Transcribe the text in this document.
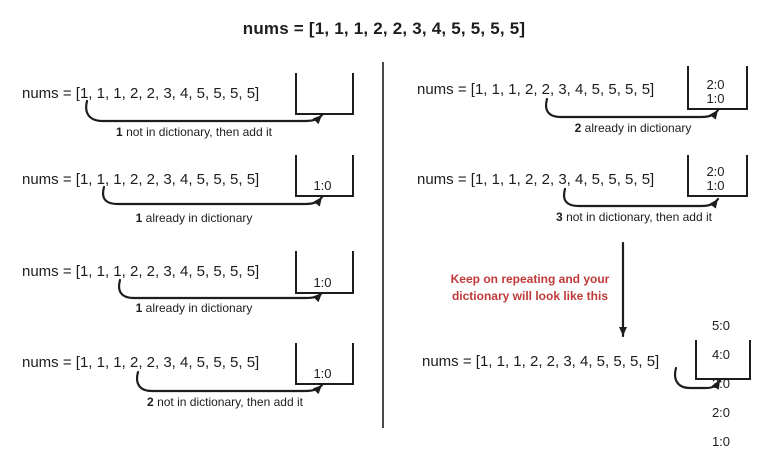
nums = [1, 1, 1, 2, 2, 3, 4, 5, 5, 5, 5]
nums = [1, 1, 1, 2, 2, 3, 4, 5, 5, 5, 5]
1 not in dictionary, then add it
nums = [1, 1, 1, 2, 2, 3, 4, 5, 5, 5, 5]	1:0
1 already in dictionary
nums = [1, 1, 1, 2, 2, 3, 4, 5, 5, 5, 5]
1:0
1 already in dictionary
nums = [1, 1, 1, 2, 2, 3, 4, 5, 5, 5, 5]
1:0
2 not in dictionary, then add it
nums = [1, 1, 1, 2, 2, 3, 4, 5, 5, 5, 5]	2:0
1:0
2 already in dictionary
nums = [1, 1, 1, 2, 2, 3, 4, 5, 5, 5, 5]	2:0
1:0
3 not in dictionary, then add it
Keep on repeating and your
dictionary will look like this
nums = [1, 1, 1, 2, 2, 3, 4, 5, 5, 5, 5]

5:0

4:0

3:0

2:0

1:0
